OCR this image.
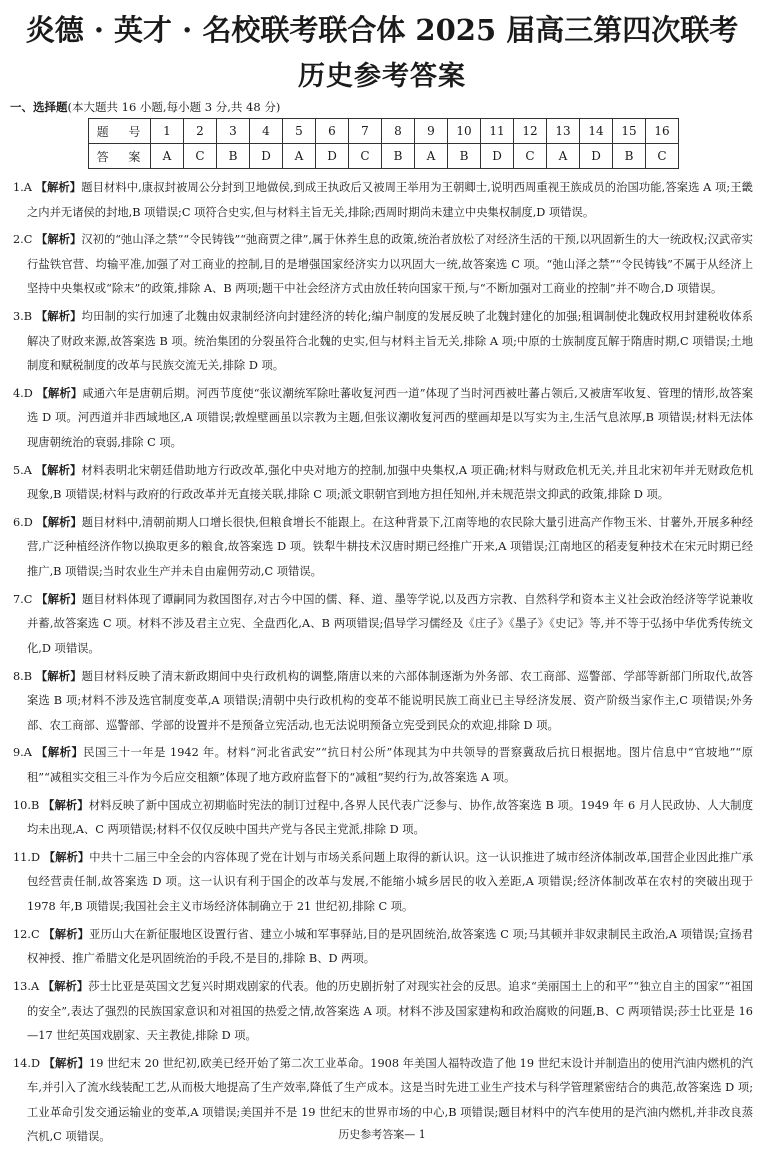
炎德 · 英才 · 名校联考联合体 2025 届高三第四次联考
历史参考答案
一、选择题(本大题共 16 小题,每小题 3 分,共 48 分)
题 号	1	2	3	4	5	6	7	8	9	10	11	12	13	14	15	16
答 案	A	C	B	D	A	D	C	B	A	B	D	C	A	D	B	C

1.A 【解析】题目材料中,康叔封被周公分封到卫地做侯,到成王执政后又被周王举用为王朝卿士,说明西周重视王族成员的治国功能,答案选 A 项;王畿之内并无诸侯的封地,B 项错误;C 项符合史实,但与材料主旨无关,排除;西周时期尚未建立中央集权制度,D 项错误。

2.C 【解析】汉初的“弛山泽之禁”“令民铸钱”“弛商贾之律”,属于休养生息的政策,统治者放松了对经济生活的干预,以巩固新生的大一统政权;汉武帝实行盐铁官营、均输平准,加强了对工商业的控制,目的是增强国家经济实力以巩固大一统,故答案选 C 项。“弛山泽之禁”“令民铸钱”不属于从经济上坚持中央集权或“除末”的政策,排除 A、B 两项;题干中社会经济方式由放任转向国家干预,与“不断加强对工商业的控制”并不吻合,D 项错误。

3.B 【解析】均田制的实行加速了北魏由奴隶制经济向封建经济的转化;编户制度的发展反映了北魏封建化的加强;租调制使北魏政权用封建税收体系解决了财政来源,故答案选 B 项。统治集团的分裂虽符合北魏的史实,但与材料主旨无关,排除 A 项;中原的士族制度瓦解于隋唐时期,C 项错误;土地制度和赋税制度的改革与民族交流无关,排除 D 项。

4.D 【解析】咸通六年是唐朝后期。河西节度使“张议潮统军除吐蕃收复河西一道”体现了当时河西被吐蕃占领后,又被唐军收复、管理的情形,故答案选 D 项。河西道并非西域地区,A 项错误;敦煌壁画虽以宗教为主题,但张议潮收复河西的壁画却是以写实为主,生活气息浓厚,B 项错误;材料无法体现唐朝统治的衰弱,排除 C 项。

5.A 【解析】材料表明北宋朝廷借助地方行政改革,强化中央对地方的控制,加强中央集权,A 项正确;材料与财政危机无关,并且北宋初年并无财政危机现象,B 项错误;材料与政府的行政改革并无直接关联,排除 C 项;派文职朝官到地方担任知州,并未规范崇文抑武的政策,排除 D 项。

6.D 【解析】题目材料中,清朝前期人口增长很快,但粮食增长不能跟上。在这种背景下,江南等地的农民除大量引进高产作物玉米、甘薯外,开展多种经营,广泛种植经济作物以换取更多的粮食,故答案选 D 项。铁犁牛耕技术汉唐时期已经推广开来,A 项错误;江南地区的稻麦复种技术在宋元时期已经推广,B 项错误;当时农业生产并未自由雇佣劳动,C 项错误。

7.C 【解析】题目材料体现了谭嗣同为救国图存,对古今中国的儒、释、道、墨等学说,以及西方宗教、自然科学和资本主义社会政治经济等学说兼收并蓄,故答案选 C 项。材料不涉及君主立宪、全盘西化,A、B 两项错误;倡导学习儒经及《庄子》《墨子》《史记》等,并不等于弘扬中华优秀传统文化,D 项错误。

8.B 【解析】题目材料反映了清末新政期间中央行政机构的调整,隋唐以来的六部体制逐渐为外务部、农工商部、巡警部、学部等新部门所取代,故答案选 B 项;材料不涉及选官制度变革,A 项错误;清朝中央行政机构的变革不能说明民族工商业已主导经济发展、资产阶级当家作主,C 项错误;外务部、农工商部、巡警部、学部的设置并不是预备立宪活动,也无法说明预备立宪受到民众的欢迎,排除 D 项。

9.A 【解析】民国三十一年是 1942 年。材料“河北省武安”“抗日村公所”体现其为中共领导的晋察冀敌后抗日根据地。图片信息中“官坡地”“原租”“减租实交租三斗作为今后应交租额”体现了地方政府监督下的“减租”契约行为,故答案选 A 项。

10.B 【解析】材料反映了新中国成立初期临时宪法的制订过程中,各界人民代表广泛参与、协作,故答案选 B 项。1949 年 6 月人民政协、人大制度均未出现,A、C 两项错误;材料不仅仅反映中国共产党与各民主党派,排除 D 项。

11.D 【解析】中共十二届三中全会的内容体现了党在计划与市场关系问题上取得的新认识。这一认识推进了城市经济体制改革,国营企业因此推广承包经营责任制,故答案选 D 项。这一认识有利于国企的改革与发展,不能缩小城乡居民的收入差距,A 项错误;经济体制改革在农村的突破出现于 1978 年,B 项错误;我国社会主义市场经济体制确立于 21 世纪初,排除 C 项。

12.C 【解析】亚历山大在新征服地区设置行省、建立小城和军事驿站,目的是巩固统治,故答案选 C 项;马其顿并非奴隶制民主政治,A 项错误;宣扬君权神授、推广希腊文化是巩固统治的手段,不是目的,排除 B、D 两项。

13.A 【解析】莎士比亚是英国文艺复兴时期戏剧家的代表。他的历史剧折射了对现实社会的反思。追求“美丽国土上的和平”“独立自主的国家”“祖国的安全”,表达了强烈的民族国家意识和对祖国的热爱之情,故答案选 A 项。材料不涉及国家建构和政治腐败的问题,B、C 两项错误;莎士比亚是 16—17 世纪英国戏剧家、天主教徒,排除 D 项。

14.D 【解析】19 世纪末 20 世纪初,欧美已经开始了第二次工业革命。1908 年美国人福特改造了他 19 世纪末设计并制造出的使用汽油内燃机的汽车,并引入了流水线装配工艺,从而极大地提高了生产效率,降低了生产成本。这是当时先进工业生产技术与科学管理紧密结合的典范,故答案选 D 项;工业革命引发交通运输业的变革,A 项错误;美国并不是 19 世纪末的世界市场的中心,B 项错误;题目材料中的汽车使用的是汽油内燃机,并非改良蒸汽机,C 项错误。	历史参考答案— 1
